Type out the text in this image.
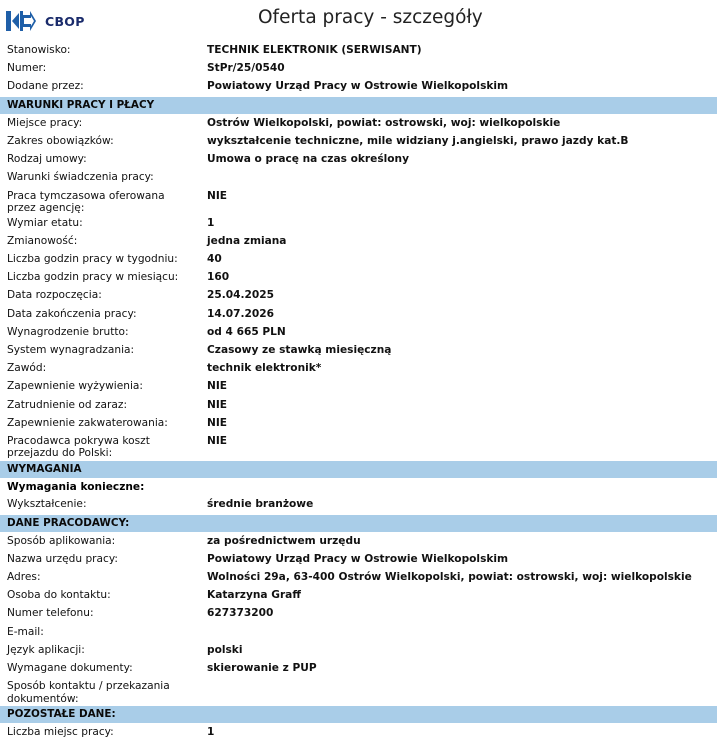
CBOP	Oferta pracy - szczegóły
Stanowisko:	TECHNIK ELEKTRONIK (SERWISANT)
Numer:	StPr/25/0540
Dodane przez:	Powiatowy Urząd Pracy w Ostrowie Wielkopolskim
WARUNKI PRACY I PŁACY
Miejsce pracy:	Ostrów Wielkopolski, powiat: ostrowski, woj: wielkopolskie
Zakres obowiązków:	wykształcenie techniczne, mile widziany j.angielski, prawo jazdy kat.B
Rodzaj umowy:	Umowa o pracę na czas określony
Warunki świadczenia pracy:
Praca tymczasowa oferowana przez agencję:
NIE
Wymiar etatu:	1
Zmianowość:	jedna zmiana
Liczba godzin pracy w tygodniu:	40
Liczba godzin pracy w miesiącu:	160
Data rozpoczęcia:	25.04.2025
Data zakończenia pracy:	14.07.2026
Wynagrodzenie brutto:	od 4 665 PLN
System wynagradzania:	Czasowy ze stawką miesięczną
Zawód:	technik elektronik*
Zapewnienie wyżywienia:	NIE
Zatrudnienie od zaraz:	NIE
Zapewnienie zakwaterowania:	NIE
Pracodawca pokrywa koszt przejazdu do Polski:
NIE
WYMAGANIA
Wymagania konieczne:
Wykształcenie:	średnie branżowe
DANE PRACODAWCY:
Sposób aplikowania:	za pośrednictwem urzędu
Nazwa urzędu pracy:	Powiatowy Urząd Pracy w Ostrowie Wielkopolskim
Adres:	Wolności 29a, 63-400 Ostrów Wielkopolski, powiat: ostrowski, woj: wielkopolskie
Osoba do kontaktu:	Katarzyna Graff
Numer telefonu:	627373200
E-mail:
Język aplikacji:	polski
Wymagane dokumenty:	skierowanie z PUP
Sposób kontaktu / przekazania dokumentów:
POZOSTAŁE DANE:
Liczba miejsc pracy:	1
